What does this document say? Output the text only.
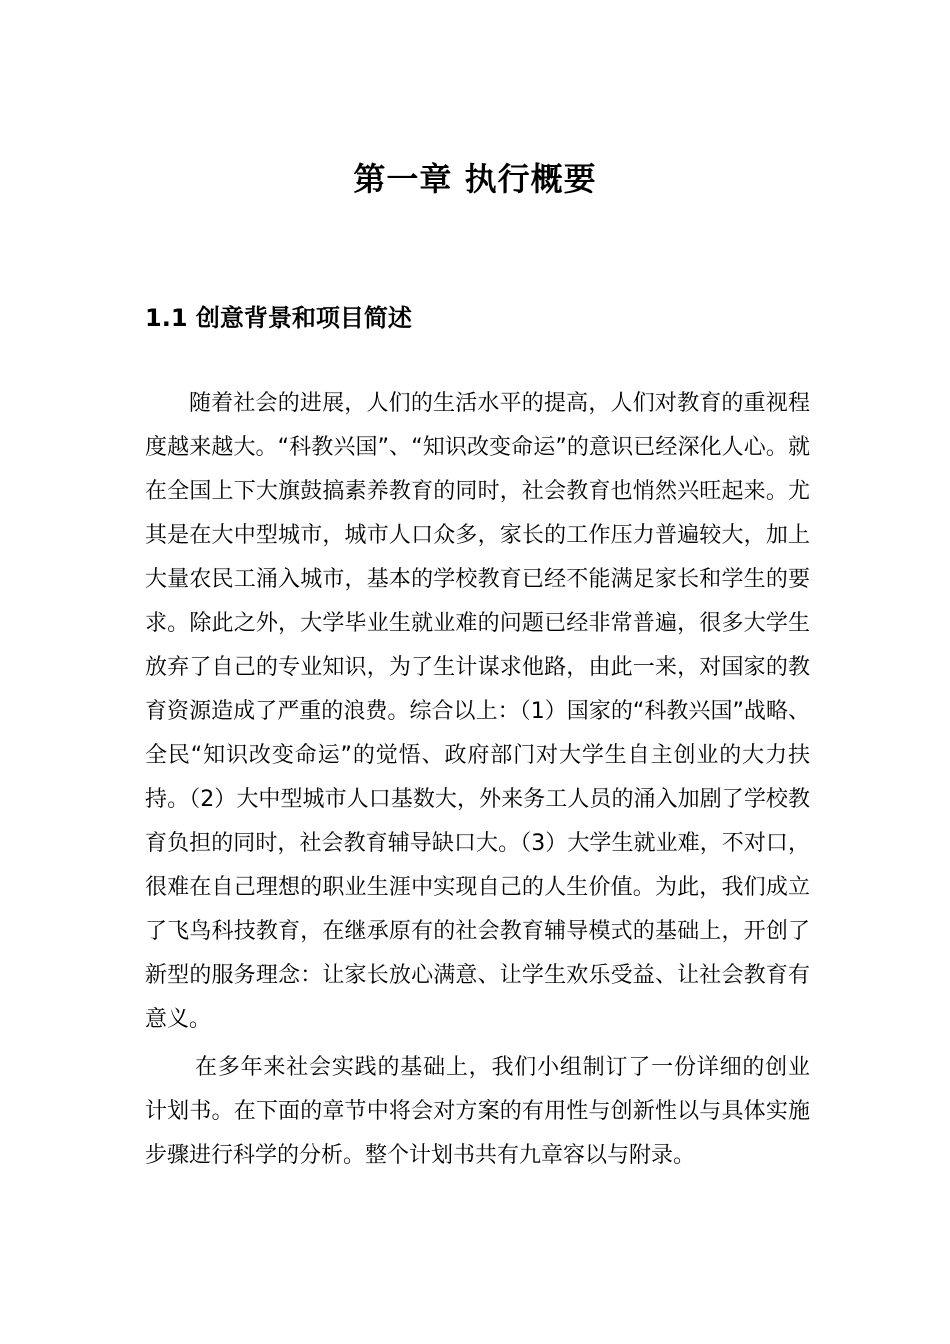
第一章 执行概要
1.1 创意背景和项目简述

随着社会的进展，人们的生活水平的提高，人们对教育的重视程度越来越大。“科教兴国”、“知识改变命运”的意识已经深化人心。就在全国上下大旗鼓搞素养教育的同时，社会教育也悄然兴旺起来。尤其是在大中型城市，城市人口众多，家长的工作压力普遍较大，加上大量农民工涌入城市，基本的学校教育已经不能满足家长和学生的要求。除此之外，大学毕业生就业难的问题已经非常普遍，很多大学生放弃了自己的专业知识，为了生计谋求他路，由此一来，对国家的教育资源造成了严重的浪费。综合以上：（1）国家的“科教兴国”战略、全民“知识改变命运”的觉悟、政府部门对大学生自主创业的大力扶持。（2）大中型城市人口基数大，外来务工人员的涌入加剧了学校教育负担的同时，社会教育辅导缺口大。（3）大学生就业难，不对口，很难在自己理想的职业生涯中实现自己的人生价值。为此，我们成立了飞鸟科技教育，在继承原有的社会教育辅导模式的基础上，开创了新型的服务理念：让家长放心满意、让学生欢乐受益、让社会教育有意义。

在多年来社会实践的基础上，我们小组制订了一份详细的创业计划书。在下面的章节中将会对方案的有用性与创新性以与具体实施步骤进行科学的分析。整个计划书共有九章容以与附录。
